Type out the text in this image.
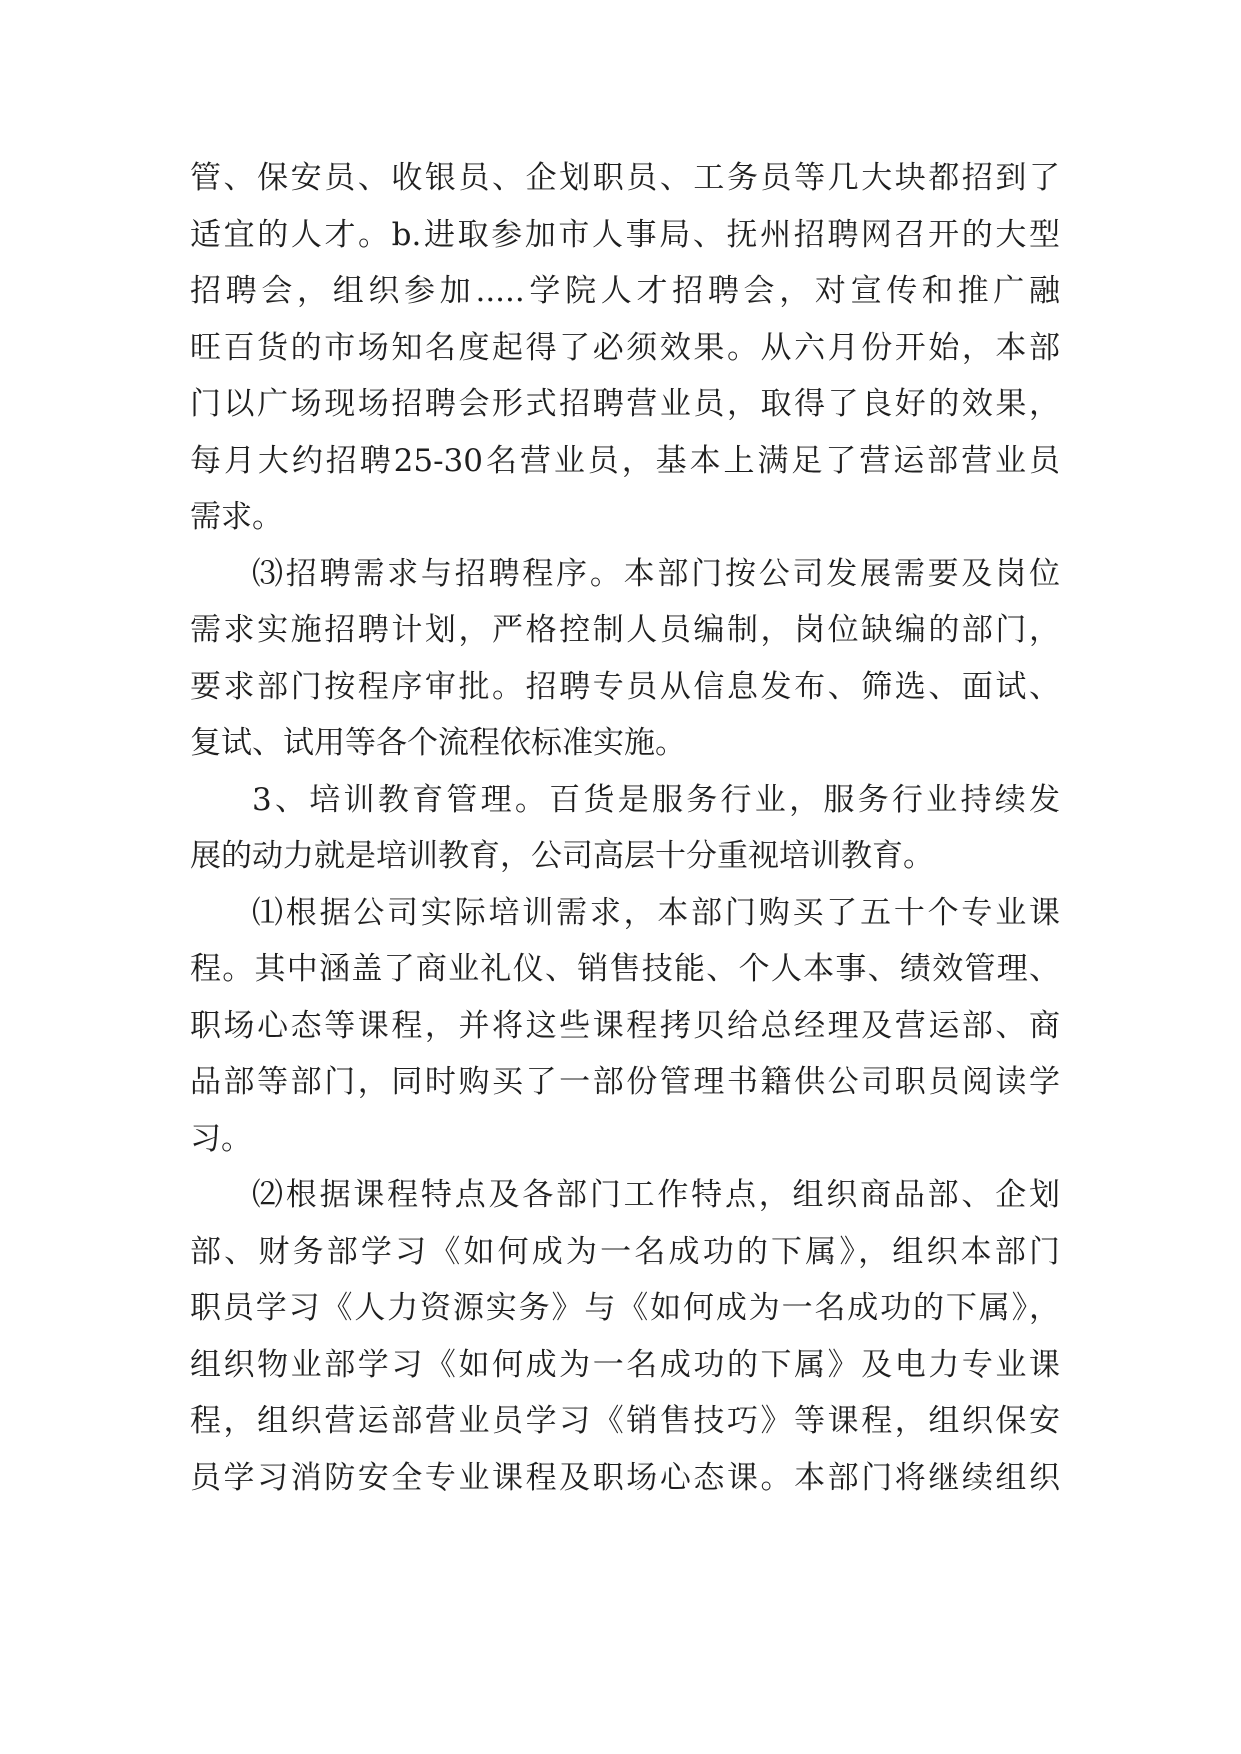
管、保安员、收银员、企划职员、工务员等几大块都招到了
适宜的人才。b.进取参加市人事局、抚州招聘网召开的大型
招聘会，组织参加.....学院人才招聘会，对宣传和推广融
旺百货的市场知名度起得了必须效果。从六月份开始，本部
门以广场现场招聘会形式招聘营业员，取得了良好的效果，
每月大约招聘25-30名营业员，基本上满足了营运部营业员
需求。
⑶招聘需求与招聘程序。本部门按公司发展需要及岗位
需求实施招聘计划，严格控制人员编制，岗位缺编的部门，
要求部门按程序审批。招聘专员从信息发布、筛选、面试、
复试、试用等各个流程依标准实施。
3、培训教育管理。百货是服务行业，服务行业持续发
展的动力就是培训教育，公司高层十分重视培训教育。
⑴根据公司实际培训需求，本部门购买了五十个专业课
程。其中涵盖了商业礼仪、销售技能、个人本事、绩效管理、
职场心态等课程，并将这些课程拷贝给总经理及营运部、商
品部等部门，同时购买了一部份管理书籍供公司职员阅读学
习。
⑵根据课程特点及各部门工作特点，组织商品部、企划
部、财务部学习《如何成为一名成功的下属》，组织本部门
职员学习《人力资源实务》与《如何成为一名成功的下属》，
组织物业部学习《如何成为一名成功的下属》及电力专业课
程，组织营运部营业员学习《销售技巧》等课程，组织保安
员学习消防安全专业课程及职场心态课。本部门将继续组织
